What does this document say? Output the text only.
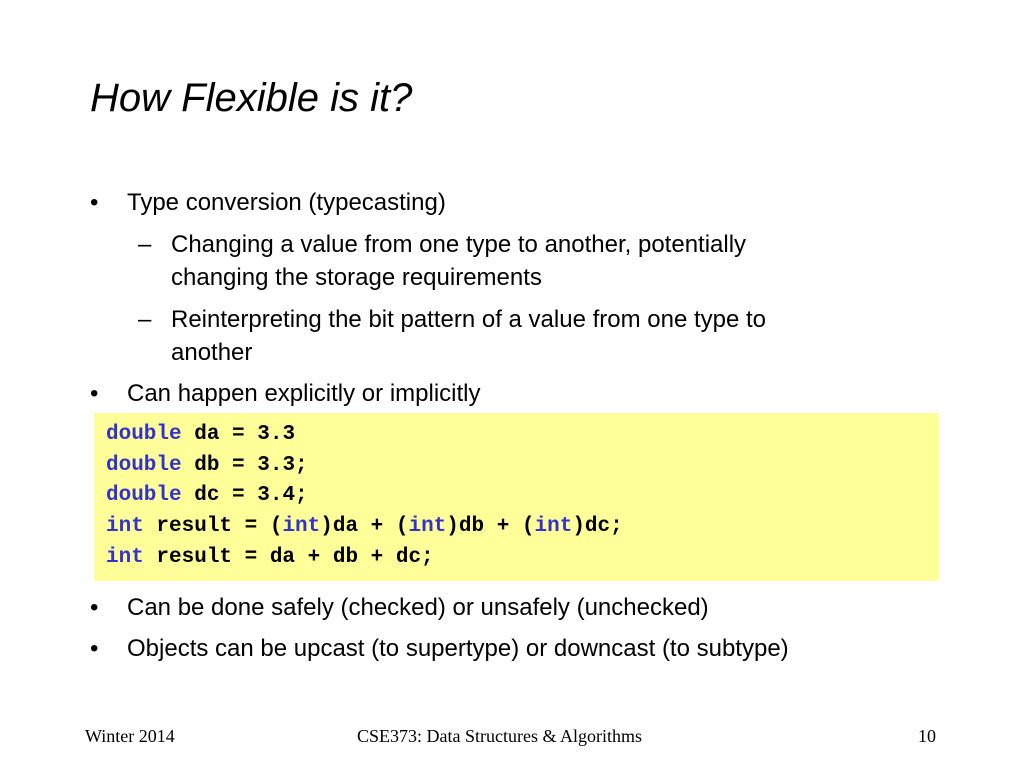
How Flexible is it?
• Type conversion (typecasting)
– Changing a value from one type to another, potentially
changing the storage requirements
– Reinterpreting the bit pattern of a value from one type to
another
• Can happen explicitly or implicitly
double da = 3.3
double db = 3.3;
double dc = 3.4;
int result = (int)da + (int)db + (int)dc;
int result = da + db + dc;
• Can be done safely (checked) or unsafely (unchecked)
• Objects can be upcast (to supertype) or downcast (to subtype)
Winter 2014	CSE373: Data Structures & Algorithms	10
